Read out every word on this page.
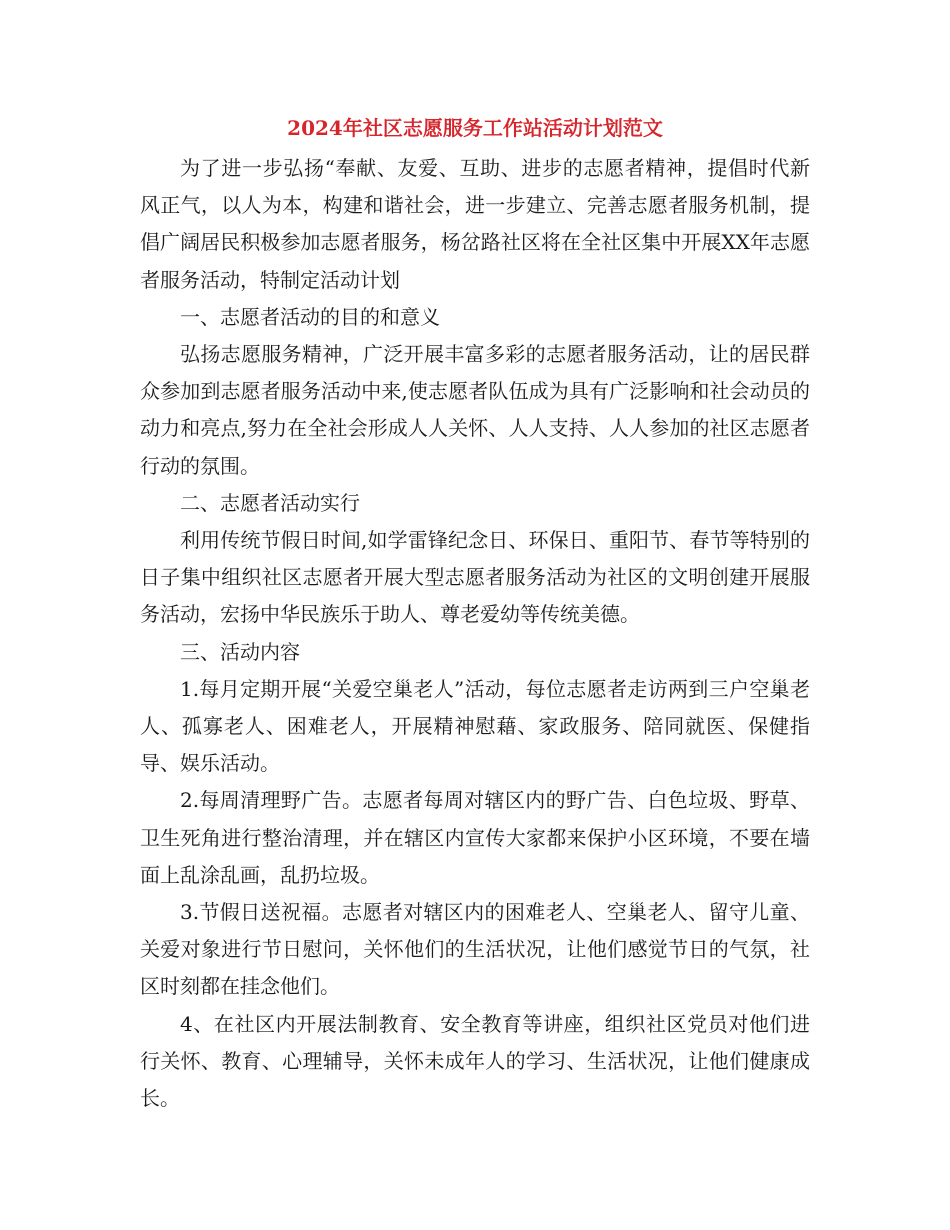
2024年社区志愿服务工作站活动计划范文

为了进一步弘扬“奉献、友爱、互助、进步的志愿者精神，提倡时代新风正气，以人为本，构建和谐社会，进一步建立、完善志愿者服务机制，提倡广阔居民积极参加志愿者服务，杨岔路社区将在全社区集中开展XX年志愿者服务活动，特制定活动计划

一、志愿者活动的目的和意义

弘扬志愿服务精神，广泛开展丰富多彩的志愿者服务活动，让的居民群众参加到志愿者服务活动中来,使志愿者队伍成为具有广泛影响和社会动员的动力和亮点,努力在全社会形成人人关怀、人人支持、人人参加的社区志愿者行动的氛围。

二、志愿者活动实行

利用传统节假日时间,如学雷锋纪念日、环保日、重阳节、春节等特别的日子集中组织社区志愿者开展大型志愿者服务活动为社区的文明创建开展服务活动，宏扬中华民族乐于助人、尊老爱幼等传统美德。

三、活动内容

1.每月定期开展“关爱空巢老人”活动，每位志愿者走访两到三户空巢老人、孤寡老人、困难老人，开展精神慰藉、家政服务、陪同就医、保健指导、娱乐活动。

2.每周清理野广告。志愿者每周对辖区内的野广告、白色垃圾、野草、卫生死角进行整治清理，并在辖区内宣传大家都来保护小区环境，不要在墙面上乱涂乱画，乱扔垃圾。

3.节假日送祝福。志愿者对辖区内的困难老人、空巢老人、留守儿童、关爱对象进行节日慰问，关怀他们的生活状况，让他们感觉节日的气氛，社区时刻都在挂念他们。

4、在社区内开展法制教育、安全教育等讲座，组织社区党员对他们进行关怀、教育、心理辅导，关怀未成年人的学习、生活状况，让他们健康成长。
